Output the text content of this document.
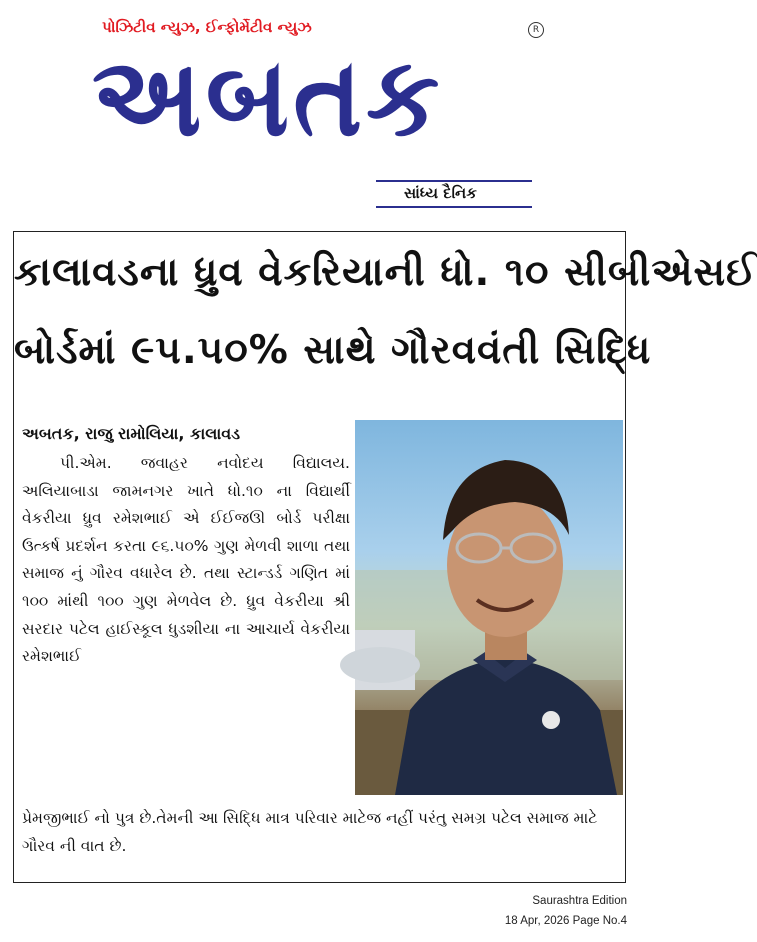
પોઝિટીવ ન્યુઝ, ઈન્ફોર્મેટીવ ન્યુઝ	R
અબતક
સાંધ્ય દૈનિક
કાલાવડના ધ્રુવ વેકરિયાની ધો. ૧૦ સીબીએસઈ
બોર્ડમાં ૯૫.૫૦% સાથે ગૌરવવંતી સિદ્ધિ
અબતક, રાજુ રામોલિયા, કાલાવડ
પી.એમ. જવાહર નવોદય વિદ્યાલય. અલિયાબાડા જામનગર ખાતે ધો.૧૦ ના વિદ્યાર્થી વેકરીયા ધ્રુવ રમેશભાઈ એ ઈઈજઊ બોર્ડ પરીક્ષા ઉત્કર્ષ પ્રદર્શન કરતા ૯૬.૫૦% ગુણ મેળવી શાળા તથા સમાજ નું ગૌરવ વધારેલ છે. તથા સ્ટાન્ડર્ડ ગણિત માં ૧૦૦ માંથી ૧૦૦ ગુણ મેળવેલ છે. ધ્રુવ વેકરીયા શ્રી સરદાર પટેલ હાઈસ્કૂલ ધુડશીયા ના આચાર્ય વેકરીયા રમેશભાઈ
પ્રેમજીભાઈ નો પુત્ર છે.તેમની આ સિદ્ધિ માત્ર પરિવાર માટેજ નહીં પરંતુ સમગ્ર પટેલ સમાજ માટે ગૌરવ ની વાત છે.
Saurashtra Edition
18 Apr, 2026 Page No.4
